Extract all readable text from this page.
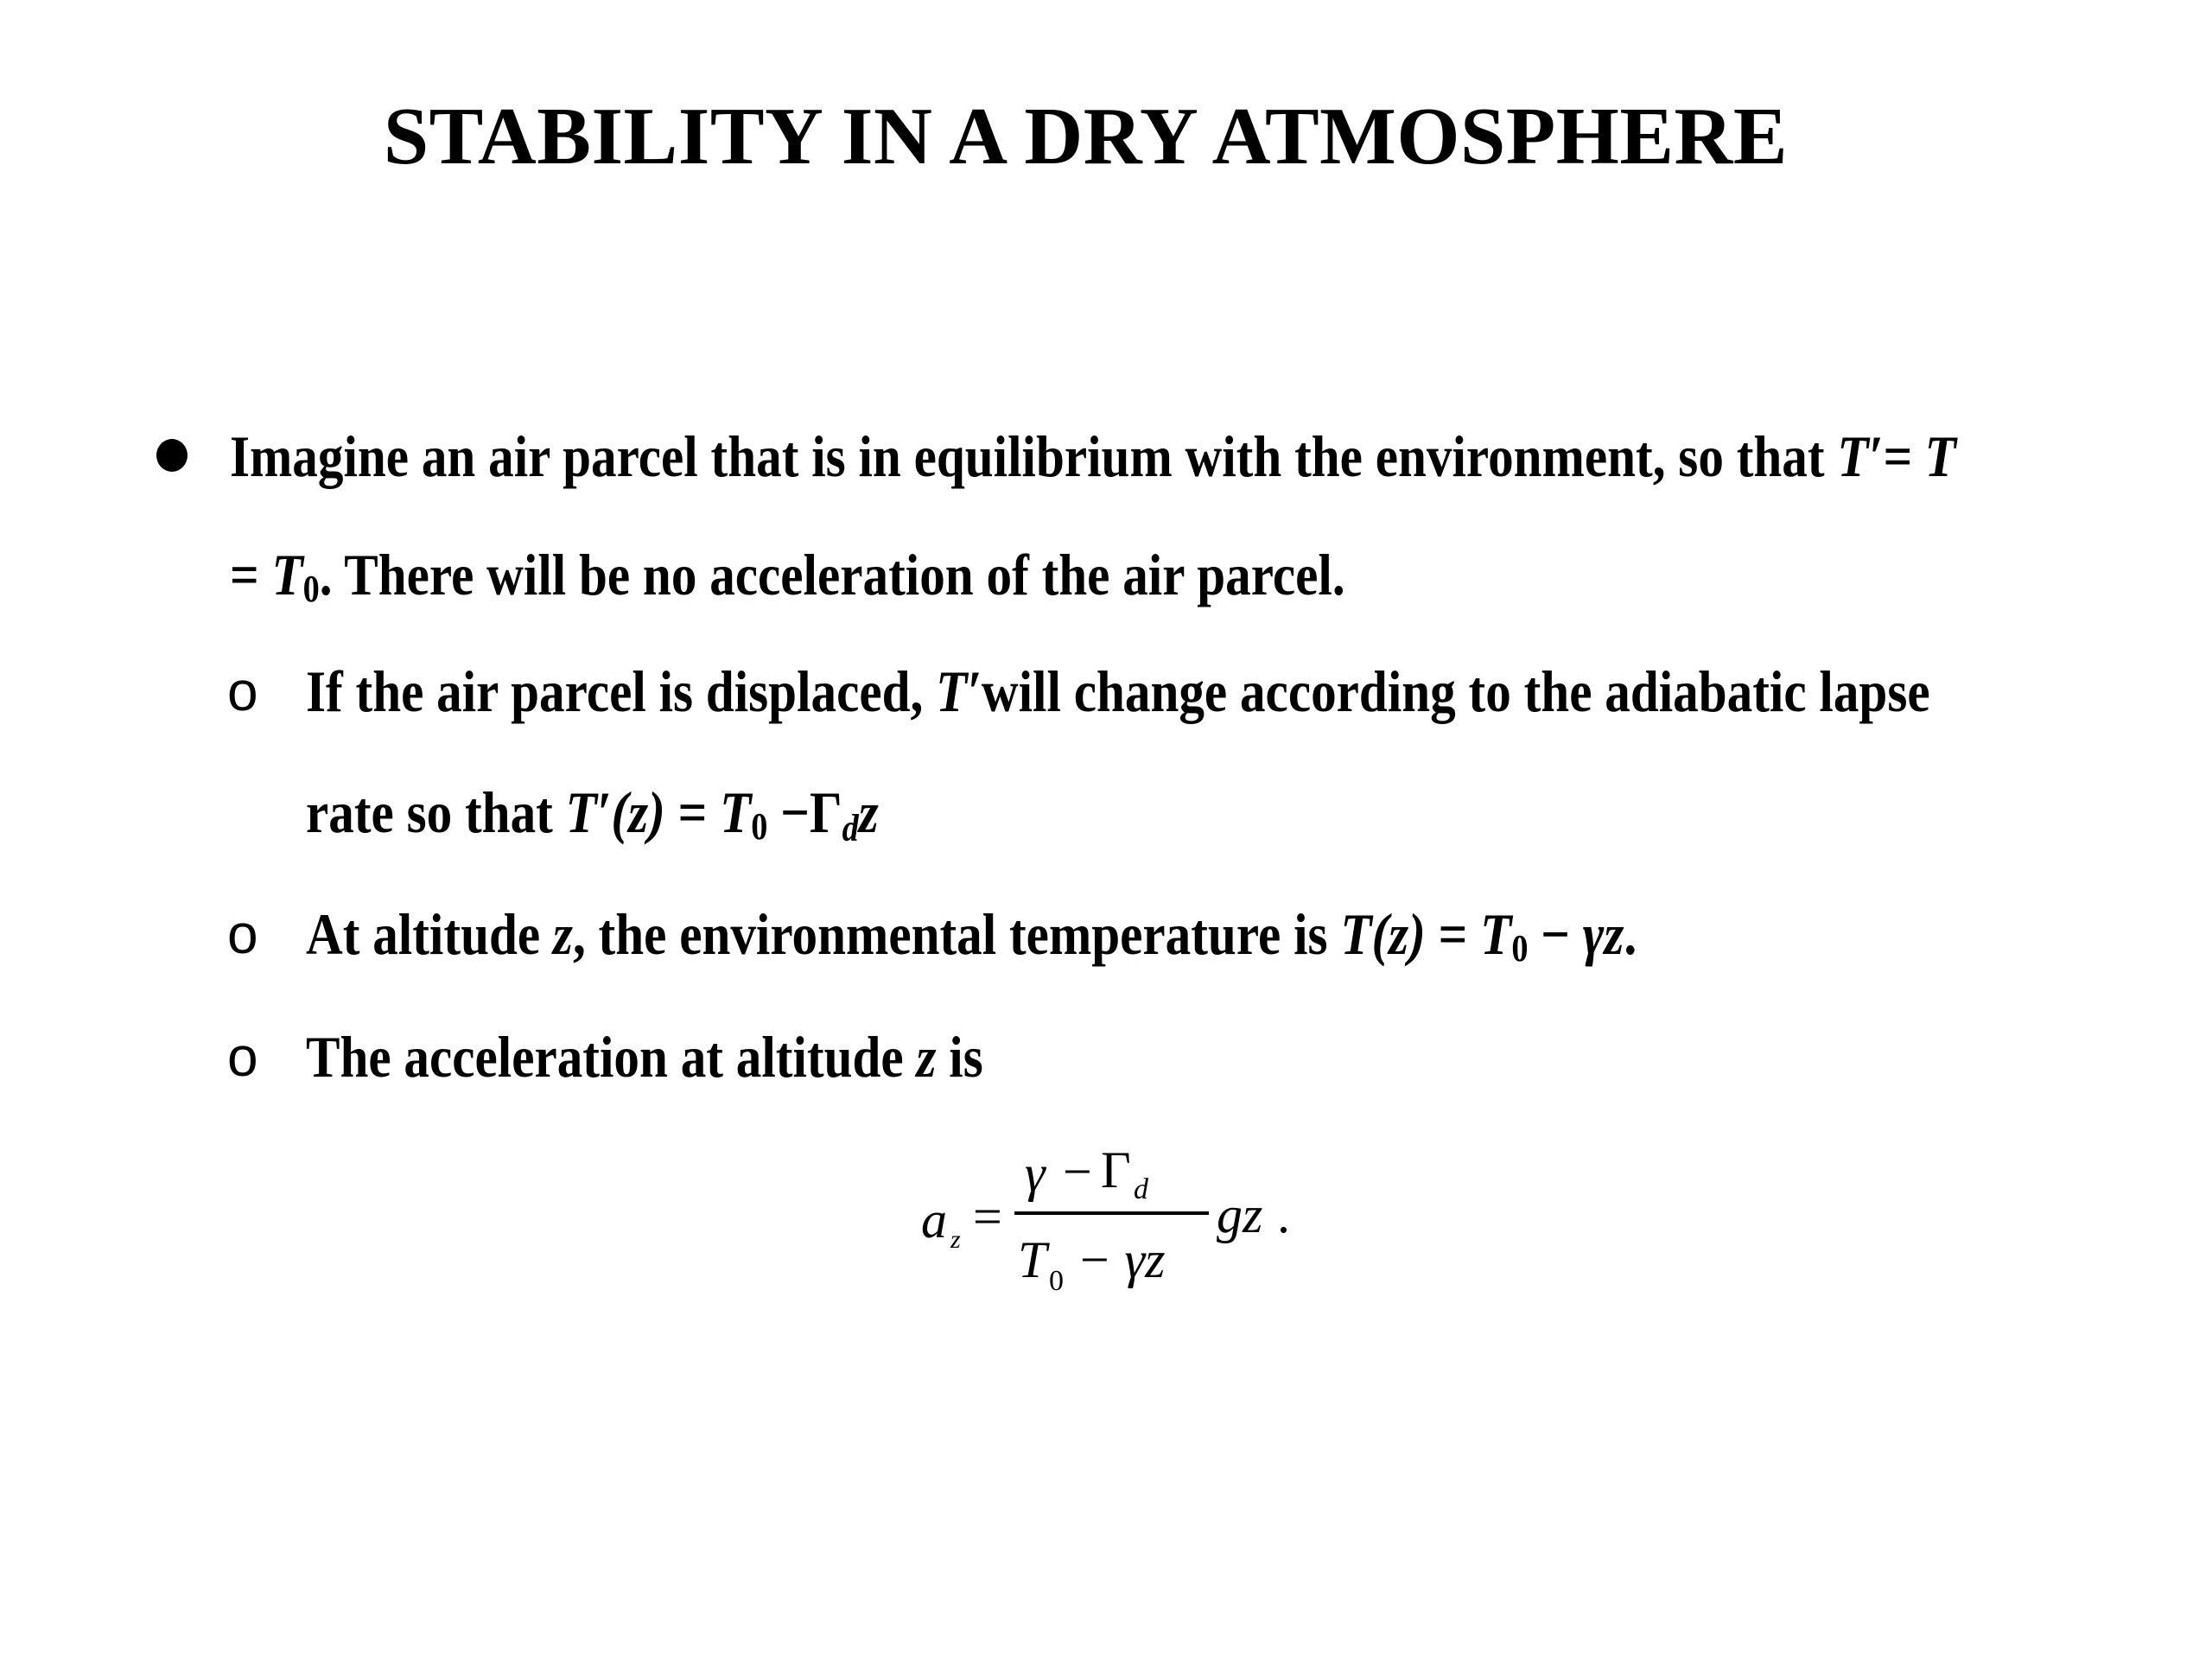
STABILITY IN A DRY ATMOSPHERE
Imagine an air parcel that is in equilibrium with the environment, so that T′= T
= T0. There will be no acceleration of the air parcel.
o If the air parcel is displaced, T′will change according to the adiabatic lapse
rate so that T′(z) = T0 −Γdz
o At altitude z, the environmental temperature is T(z) = T0 − γz.
o The acceleration at altitude z is
a z =
γ − Γ d
T 0 − γz
gz .
